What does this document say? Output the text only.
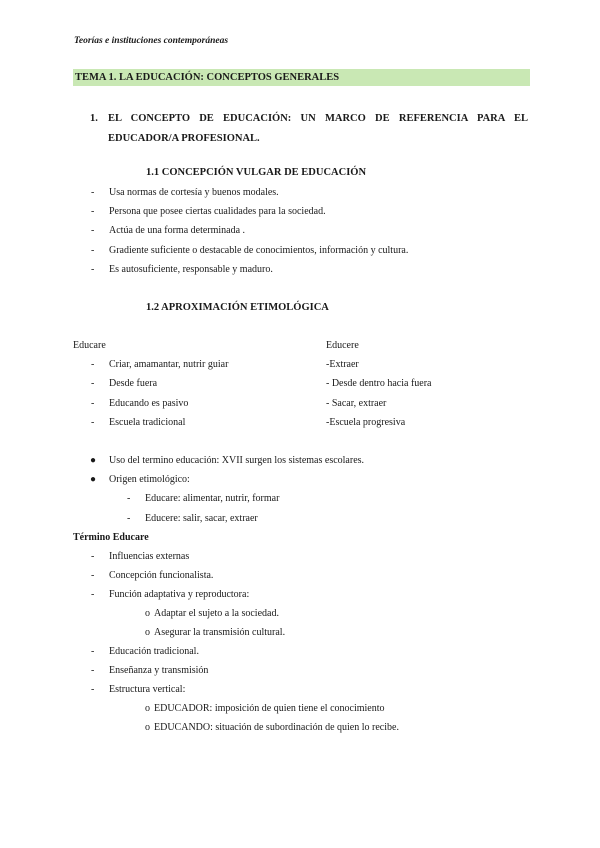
Teorías e instituciones contemporáneas
TEMA 1. LA EDUCACIÓN: CONCEPTOS GENERALES
1. EL CONCEPTO DE EDUCACIÓN: UN MARCO DE REFERENCIA PARA EL
EDUCADOR/A PROFESIONAL.
1.1 CONCEPCIÓN VULGAR DE EDUCACIÓN
- Usa normas de cortesía y buenos modales.
- Persona que posee ciertas cualidades para la sociedad.
- Actúa de una forma determinada .
- Gradiente suficiente o destacable de conocimientos, información y cultura.
- Es autosuficiente, responsable y maduro.
1.2 APROXIMACIÓN ETIMOLÓGICA
Educare	Educere
- Criar, amamantar, nutrir guiar	-Extraer
- Desde fuera	- Desde dentro hacia fuera
- Educando es pasivo	- Sacar, extraer
- Escuela tradicional	-Escuela progresiva
● Uso del termino educación: XVII surgen los sistemas escolares.
● Origen etimológico:
- Educare: alimentar, nutrir, formar
- Educere: salir, sacar, extraer
Término Educare
- Influencias externas
- Concepción funcionalista.
- Función adaptativa y reproductora:
o Adaptar el sujeto a la sociedad.
o Asegurar la transmisión cultural.
- Educación tradicional.
- Enseñanza y transmisión
- Estructura vertical:
o EDUCADOR: imposición de quien tiene el conocimiento
o EDUCANDO: situación de subordinación de quien lo recibe.
